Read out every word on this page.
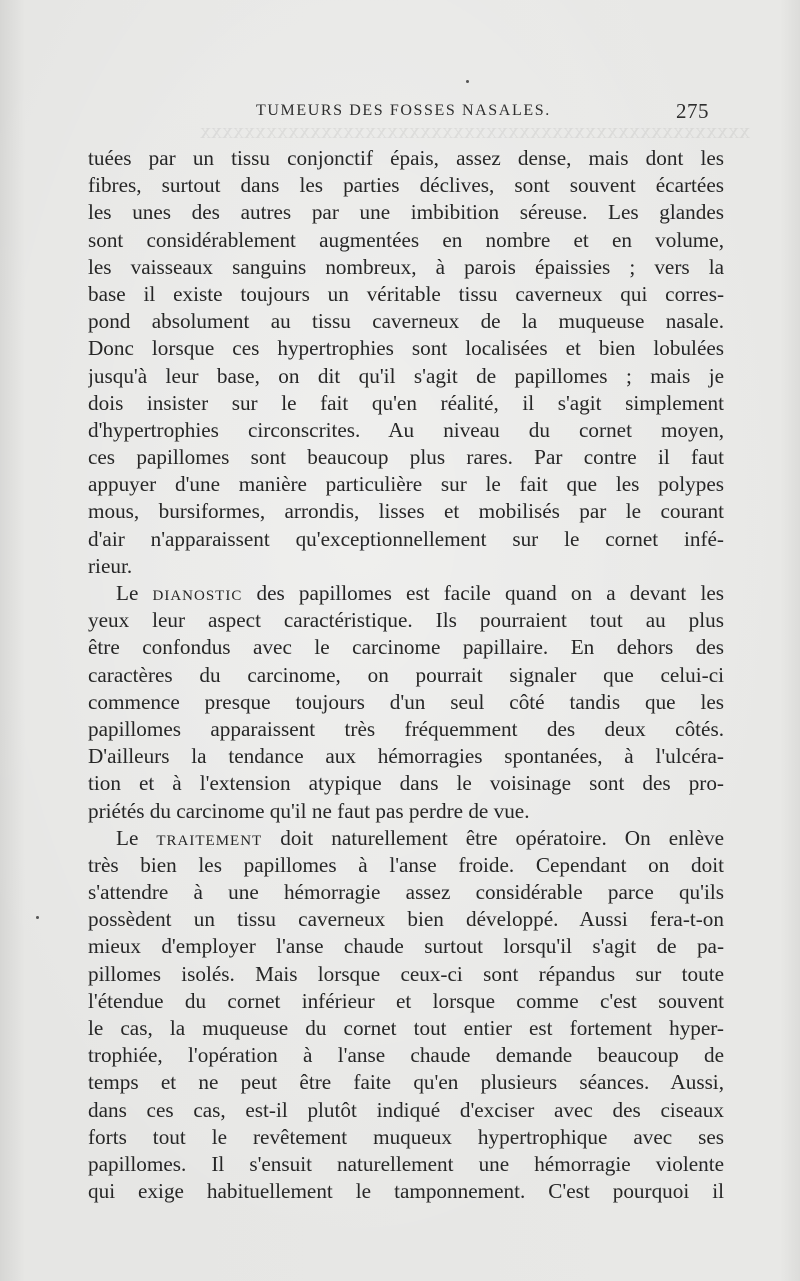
xxxxxxxxxxxxxxxxxxxxxxxxxxxxxxxxxxxxxxxxxxxxxxxxxx
TUMEURS DES FOSSES NASALES.	275
tuées par un tissu conjonctif épais, assez dense, mais dont les
fibres, surtout dans les parties déclives, sont souvent écartées
les unes des autres par une imbibition séreuse. Les glandes
sont considérablement augmentées en nombre et en volume,
les vaisseaux sanguins nombreux, à parois épaissies ; vers la
base il existe toujours un véritable tissu caverneux qui corres-
pond absolument au tissu caverneux de la muqueuse nasale.
Donc lorsque ces hypertrophies sont localisées et bien lobulées
jusqu'à leur base, on dit qu'il s'agit de papillomes ; mais je
dois insister sur le fait qu'en réalité, il s'agit simplement
d'hypertrophies circonscrites. Au niveau du cornet moyen,
ces papillomes sont beaucoup plus rares. Par contre il faut
appuyer d'une manière particulière sur le fait que les polypes
mous, bursiformes, arrondis, lisses et mobilisés par le courant
d'air n'apparaissent qu'exceptionnellement sur le cornet infé-
rieur.
Le dianostic des papillomes est facile quand on a devant les
yeux leur aspect caractéristique. Ils pourraient tout au plus
être confondus avec le carcinome papillaire. En dehors des
caractères du carcinome, on pourrait signaler que celui-ci
commence presque toujours d'un seul côté tandis que les
papillomes apparaissent très fréquemment des deux côtés.
D'ailleurs la tendance aux hémorragies spontanées, à l'ulcéra-
tion et à l'extension atypique dans le voisinage sont des pro-
priétés du carcinome qu'il ne faut pas perdre de vue.
Le traitement doit naturellement être opératoire. On enlève
très bien les papillomes à l'anse froide. Cependant on doit
s'attendre à une hémorragie assez considérable parce qu'ils
possèdent un tissu caverneux bien développé. Aussi fera-t-on
mieux d'employer l'anse chaude surtout lorsqu'il s'agit de pa-
pillomes isolés. Mais lorsque ceux-ci sont répandus sur toute
l'étendue du cornet inférieur et lorsque comme c'est souvent
le cas, la muqueuse du cornet tout entier est fortement hyper-
trophiée, l'opération à l'anse chaude demande beaucoup de
temps et ne peut être faite qu'en plusieurs séances. Aussi,
dans ces cas, est-il plutôt indiqué d'exciser avec des ciseaux
forts tout le revêtement muqueux hypertrophique avec ses
papillomes. Il s'ensuit naturellement une hémorragie violente
qui exige habituellement le tamponnement. C'est pourquoi il
